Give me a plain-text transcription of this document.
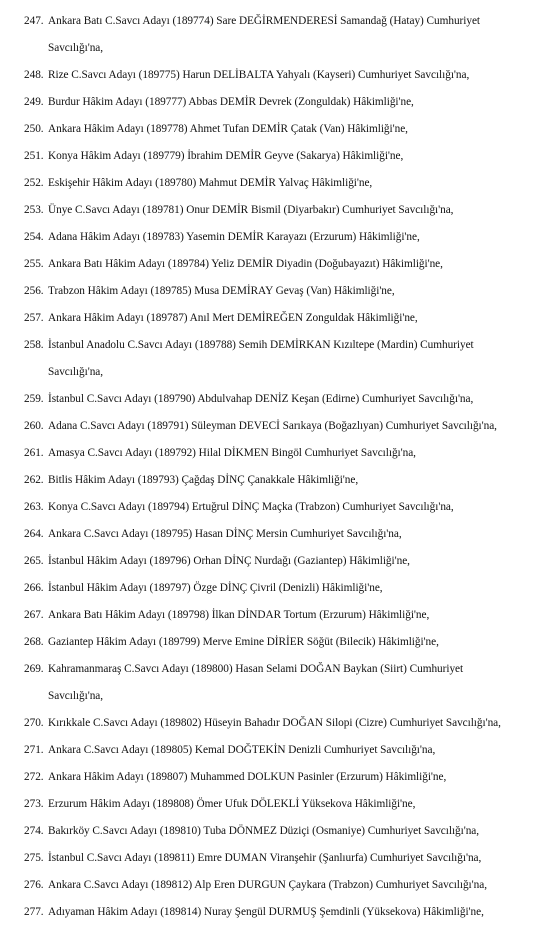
247. Ankara Batı C.Savcı Adayı (189774) Sare DEĞİRMENDERESİ Samandağ (Hatay) Cumhuriyet
Savcılığı'na,
248. Rize C.Savcı Adayı (189775) Harun DELİBALTA Yahyalı (Kayseri) Cumhuriyet Savcılığı'na,
249. Burdur Hâkim Adayı (189777) Abbas DEMİR Devrek (Zonguldak) Hâkimliği'ne,
250. Ankara Hâkim Adayı (189778) Ahmet Tufan DEMİR Çatak (Van) Hâkimliği'ne,
251. Konya Hâkim Adayı (189779) İbrahim DEMİR Geyve (Sakarya) Hâkimliği'ne,
252. Eskişehir Hâkim Adayı (189780) Mahmut DEMİR Yalvaç Hâkimliği'ne,
253. Ünye C.Savcı Adayı (189781) Onur DEMİR Bismil (Diyarbakır) Cumhuriyet Savcılığı'na,
254. Adana Hâkim Adayı (189783) Yasemin DEMİR Karayazı (Erzurum) Hâkimliği'ne,
255. Ankara Batı Hâkim Adayı (189784) Yeliz DEMİR Diyadin (Doğubayazıt) Hâkimliği'ne,
256. Trabzon Hâkim Adayı (189785) Musa DEMİRAY Gevaş (Van) Hâkimliği'ne,
257. Ankara Hâkim Adayı (189787) Anıl Mert DEMİREĞEN Zonguldak Hâkimliği'ne,
258. İstanbul Anadolu C.Savcı Adayı (189788) Semih DEMİRKAN Kızıltepe (Mardin) Cumhuriyet
Savcılığı'na,
259. İstanbul C.Savcı Adayı (189790) Abdulvahap DENİZ Keşan (Edirne) Cumhuriyet Savcılığı'na,
260. Adana C.Savcı Adayı (189791) Süleyman DEVECİ Sarıkaya (Boğazlıyan) Cumhuriyet Savcılığı'na,
261. Amasya C.Savcı Adayı (189792) Hilal DİKMEN Bingöl Cumhuriyet Savcılığı'na,
262. Bitlis Hâkim Adayı (189793) Çağdaş DİNÇ Çanakkale Hâkimliği'ne,
263. Konya C.Savcı Adayı (189794) Ertuğrul DİNÇ Maçka (Trabzon) Cumhuriyet Savcılığı'na,
264. Ankara C.Savcı Adayı (189795) Hasan DİNÇ Mersin Cumhuriyet Savcılığı'na,
265. İstanbul Hâkim Adayı (189796) Orhan DİNÇ Nurdağı (Gaziantep) Hâkimliği'ne,
266. İstanbul Hâkim Adayı (189797) Özge DİNÇ Çivril (Denizli) Hâkimliği'ne,
267. Ankara Batı Hâkim Adayı (189798) İlkan DİNDAR Tortum (Erzurum) Hâkimliği'ne,
268. Gaziantep Hâkim Adayı (189799) Merve Emine DİRİER Söğüt (Bilecik) Hâkimliği'ne,
269. Kahramanmaraş C.Savcı Adayı (189800) Hasan Selami DOĞAN Baykan (Siirt) Cumhuriyet
Savcılığı'na,
270. Kırıkkale C.Savcı Adayı (189802) Hüseyin Bahadır DOĞAN Silopi (Cizre) Cumhuriyet Savcılığı'na,
271. Ankara C.Savcı Adayı (189805) Kemal DOĞTEKİN Denizli Cumhuriyet Savcılığı'na,
272. Ankara Hâkim Adayı (189807) Muhammed DOLKUN Pasinler (Erzurum) Hâkimliği'ne,
273. Erzurum Hâkim Adayı (189808) Ömer Ufuk DÖLEKLİ Yüksekova Hâkimliği'ne,
274. Bakırköy C.Savcı Adayı (189810) Tuba DÖNMEZ Düziçi (Osmaniye) Cumhuriyet Savcılığı'na,
275. İstanbul C.Savcı Adayı (189811) Emre DUMAN Viranşehir (Şanlıurfa) Cumhuriyet Savcılığı'na,
276. Ankara C.Savcı Adayı (189812) Alp Eren DURGUN Çaykara (Trabzon) Cumhuriyet Savcılığı'na,
277. Adıyaman Hâkim Adayı (189814) Nuray Şengül DURMUŞ Şemdinli (Yüksekova) Hâkimliği'ne,
